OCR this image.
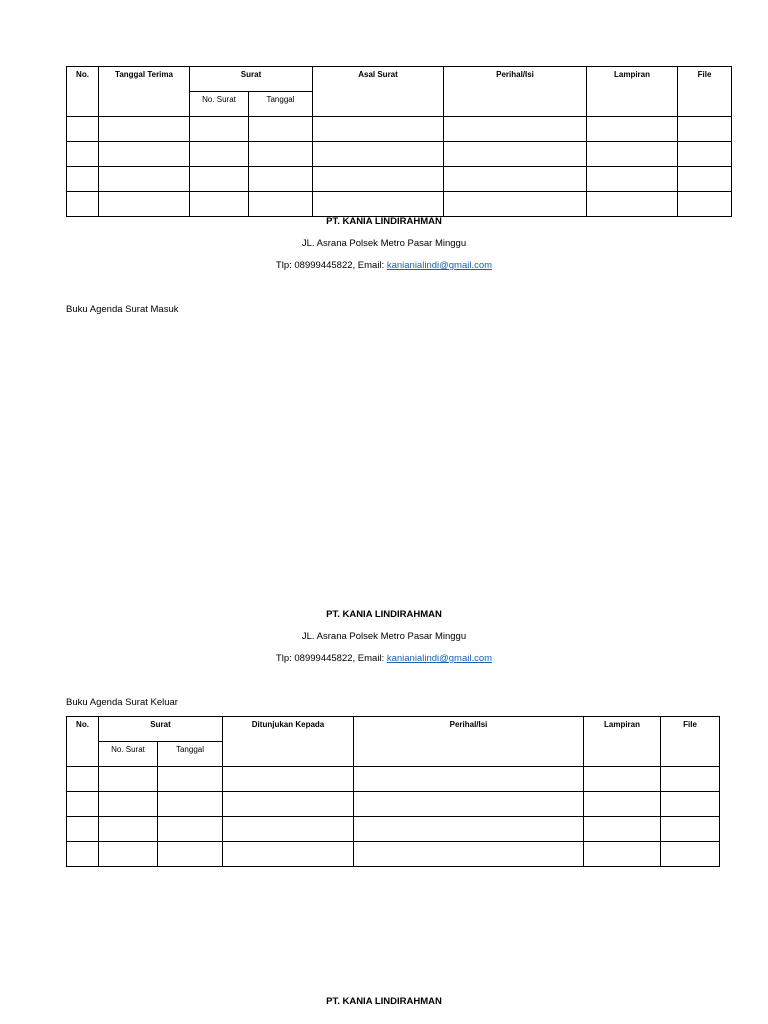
No.	Tanggal Terima	Surat		Asal Surat	Perihal/Isi	Lampiran	File
		No. Surat	Tanggal				

PT. KANIA LINDIRAHMAN
JL. Asrana Polsek Metro Pasar Minggu
Tlp: 08999445822, Email: kanianialindi@gmail.com
Buku Agenda Surat Masuk
PT. KANIA LINDIRAHMAN
JL. Asrana Polsek Metro Pasar Minggu
Tlp: 08999445822, Email: kanianialindi@gmail.com
Buku Agenda Surat Keluar
No.	Surat		Ditunjukan Kepada	Perihal/Isi	Lampiran	File
	No. Surat	Tanggal				

PT. KANIA LINDIRAHMAN
